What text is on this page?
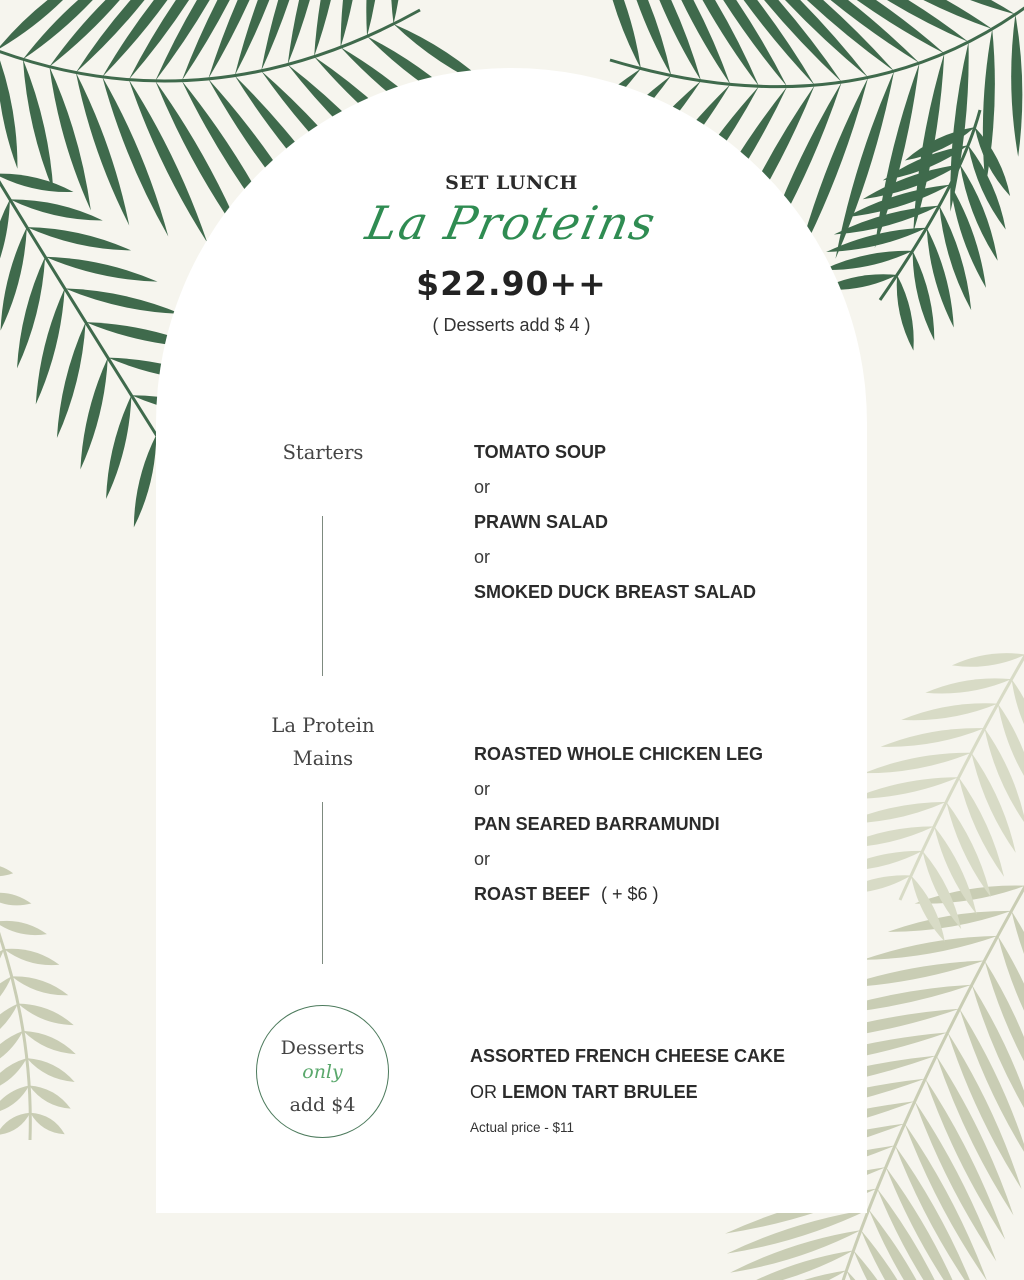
SET LUNCH
La Proteins
$22.90++
( Desserts add $ 4 )
Starters	TOMATO SOUP
or
PRAWN SALAD
or
SMOKED DUCK BREAST SALAD
La Protein
Mains	ROASTED WHOLE CHICKEN LEG
or
PAN SEARED BARRAMUNDI
or
ROAST BEEF ( + $6 )
Desserts
only
add $4
ASSORTED FRENCH CHEESE CAKE
OR LEMON TART BRULEE
Actual price - $11
